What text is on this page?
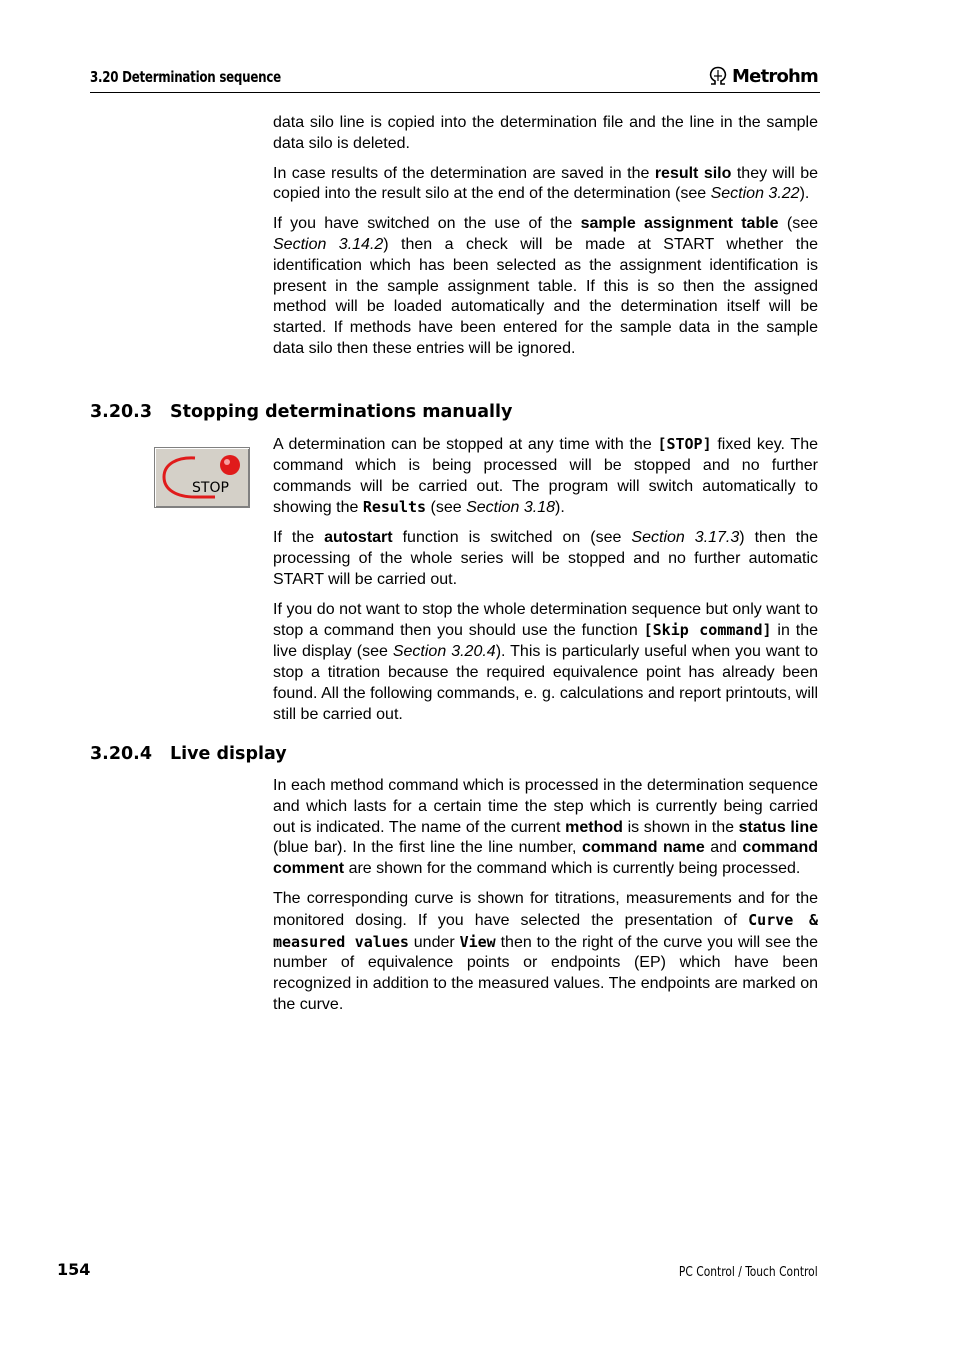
3.20 Determination sequence	Metrohm

data silo line is copied into the determination file and the line in the sample data silo is deleted.

In case results of the determination are saved in the result silo they will be copied into the result silo at the end of the determination (see Section 3.22).

If you have switched on the use of the sample assignment table (see Section 3.14.2) then a check will be made at START whether the identification which has been selected as the assignment identification is present in the sample assignment table. If this is so then the assigned method will be loaded automatically and the determination itself will be started. If methods have been entered for the sample data in the sample data silo then these entries will be ignored.

3.20.3 Stopping determinations manually
STOP

A determination can be stopped at any time with the [STOP] fixed key. The command which is being processed will be stopped and no further commands will be carried out. The program will switch automatically to showing the Results (see Section 3.18).

If the autostart function is switched on (see Section 3.17.3) then the processing of the whole series will be stopped and no further automatic START will be carried out.

If you do not want to stop the whole determination sequence but only want to stop a command then you should use the function [Skip command] in the live display (see Section 3.20.4). This is particularly useful when you want to stop a titration because the required equivalence point has already been found. All the following commands, e. g. calculations and report printouts, will still be carried out.

3.20.4 Live display

In each method command which is processed in the determination sequence and which lasts for a certain time the step which is currently being carried out is indicated. The name of the current method is shown in the status line (blue bar). In the first line the line number, command name and command comment are shown for the command which is currently being processed.

The corresponding curve is shown for titrations, measurements and for the monitored dosing. If you have selected the presentation of Curve & measured values under View then to the right of the curve you will see the number of equivalence points or endpoints (EP) which have been recognized in addition to the measured values. The endpoints are marked on the curve.

154	PC Control / Touch Control
